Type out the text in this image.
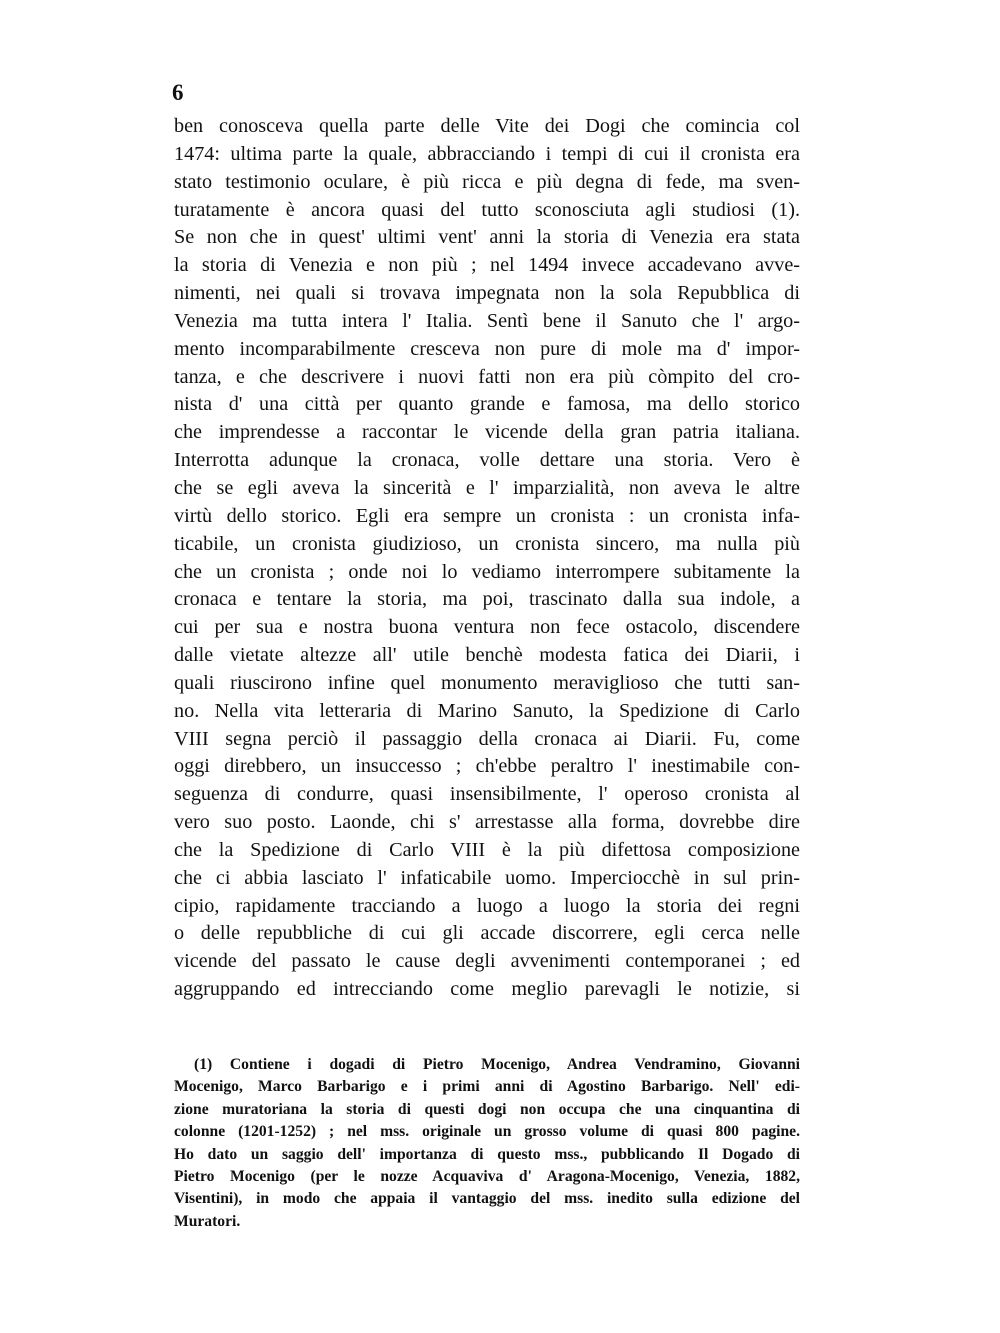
6
ben conosceva quella parte delle Vite dei Dogi che comincia col
1474: ultima parte la quale, abbracciando i tempi di cui il cronista era
stato testimonio oculare, è più ricca e più degna di fede, ma sven-
turatamente è ancora quasi del tutto sconosciuta agli studiosi (1).
Se non che in quest' ultimi vent' anni la storia di Venezia era stata
la storia di Venezia e non più ; nel 1494 invece accadevano avve-
nimenti, nei quali si trovava impegnata non la sola Repubblica di
Venezia ma tutta intera l' Italia. Sentì bene il Sanuto che l' argo-
mento incomparabilmente cresceva non pure di mole ma d' impor-
tanza, e che descrivere i nuovi fatti non era più còmpito del cro-
nista d' una città per quanto grande e famosa, ma dello storico
che imprendesse a raccontar le vicende della gran patria italiana.
Interrotta adunque la cronaca, volle dettare una storia. Vero è
che se egli aveva la sincerità e l' imparzialità, non aveva le altre
virtù dello storico. Egli era sempre un cronista : un cronista infa-
ticabile, un cronista giudizioso, un cronista sincero, ma nulla più
che un cronista ; onde noi lo vediamo interrompere subitamente la
cronaca e tentare la storia, ma poi, trascinato dalla sua indole, a
cui per sua e nostra buona ventura non fece ostacolo, discendere
dalle vietate altezze all' utile benchè modesta fatica dei Diarii, i
quali riuscirono infine quel monumento meraviglioso che tutti san-
no. Nella vita letteraria di Marino Sanuto, la Spedizione di Carlo
VIII segna perciò il passaggio della cronaca ai Diarii. Fu, come
oggi direbbero, un insuccesso ; ch'ebbe peraltro l' inestimabile con-
seguenza di condurre, quasi insensibilmente, l' operoso cronista al
vero suo posto. Laonde, chi s' arrestasse alla forma, dovrebbe dire
che la Spedizione di Carlo VIII è la più difettosa composizione
che ci abbia lasciato l' infaticabile uomo. Imperciocchè in sul prin-
cipio, rapidamente tracciando a luogo a luogo la storia dei regni
o delle repubbliche di cui gli accade discorrere, egli cerca nelle
vicende del passato le cause degli avvenimenti contemporanei ; ed
aggruppando ed intrecciando come meglio parevagli le notizie, si
(1) Contiene i dogadi di Pietro Mocenigo, Andrea Vendramino, Giovanni
Mocenigo, Marco Barbarigo e i primi anni di Agostino Barbarigo. Nell' edi-
zione muratoriana la storia di questi dogi non occupa che una cinquantina di
colonne (1201-1252) ; nel mss. originale un grosso volume di quasi 800 pagine.
Ho dato un saggio dell' importanza di questo mss., pubblicando Il Dogado di
Pietro Mocenigo (per le nozze Acquaviva d' Aragona-Mocenigo, Venezia, 1882,
Visentini), in modo che appaia il vantaggio del mss. inedito sulla edizione del
Muratori.
